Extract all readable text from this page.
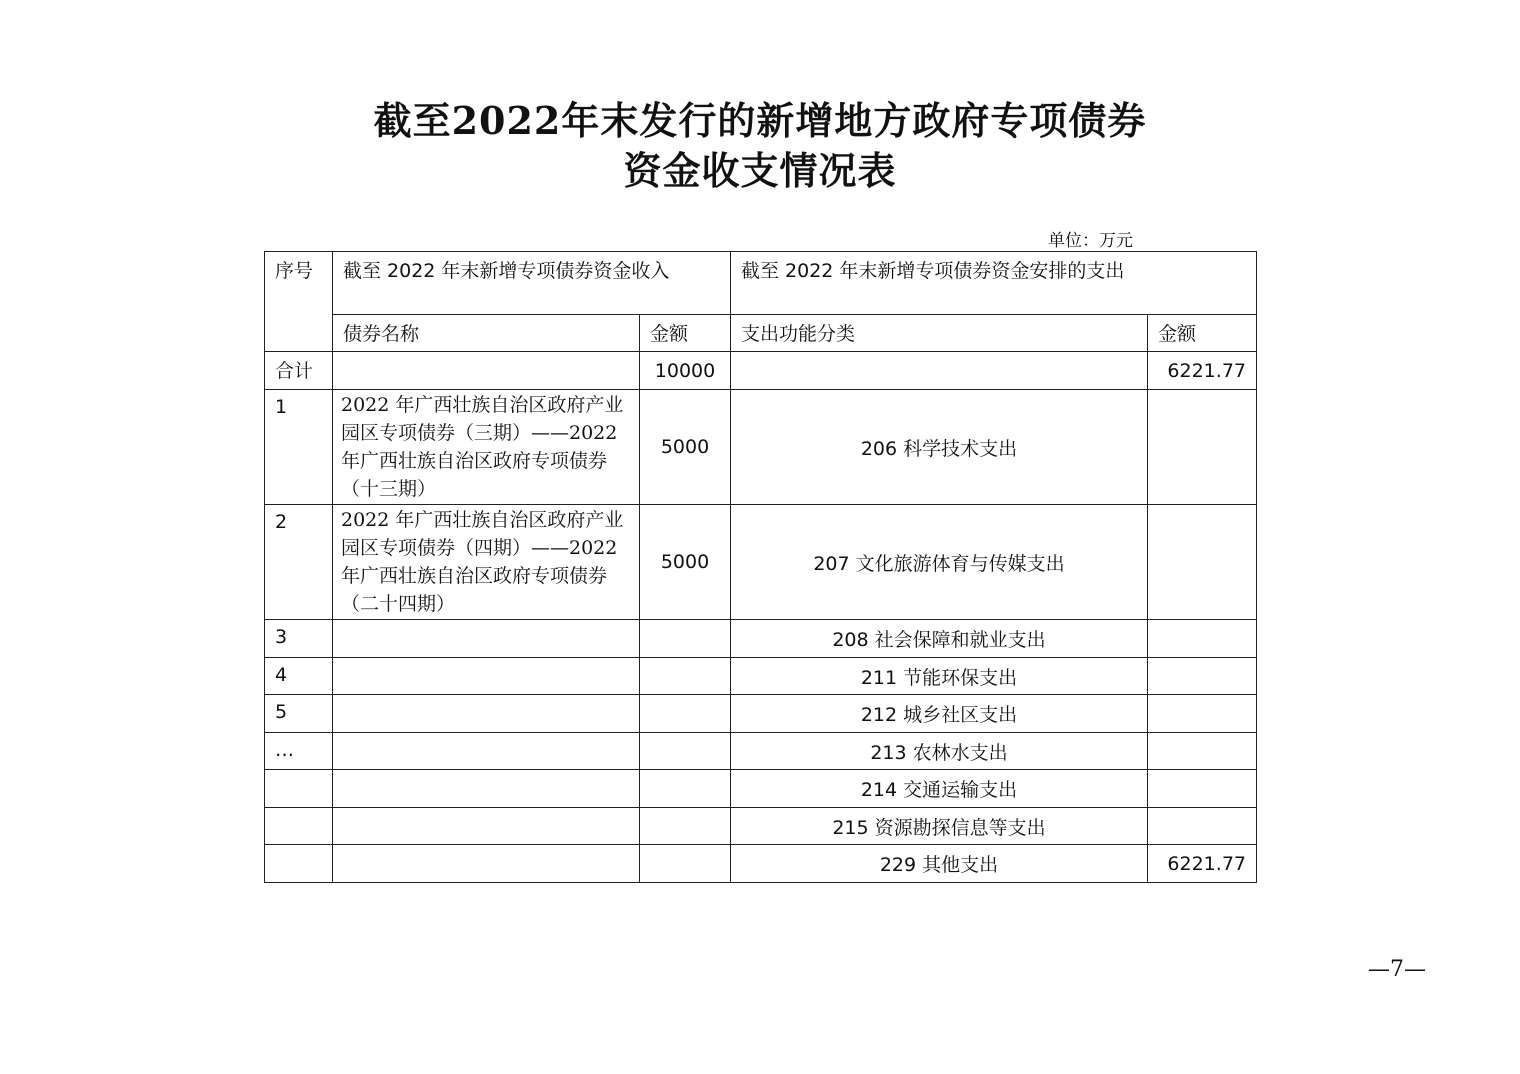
截至2022年末发行的新增地方政府专项债券
资金收支情况表
单位：万元
序号	截至 2022 年末新增专项债券资金收入		截至 2022 年末新增专项债券资金安排的支出	
	债券名称	金额	支出功能分类	金额
合计		10000		6221.77
1	2022 年广西壮族自治区政府产业园区专项债券（三期）——2022 年广西壮族自治区政府专项债券（十三期）	5000	206 科学技术支出	
2	2022 年广西壮族自治区政府产业园区专项债券（四期）——2022 年广西壮族自治区政府专项债券（二十四期）	5000	207 文化旅游体育与传媒支出	
3			208 社会保障和就业支出	
4			211 节能环保支出	
5			212 城乡社区支出	
…			213 农林水支出	
			214 交通运输支出	
			215 资源勘探信息等支出	
			229 其他支出	6221.77
—7—
